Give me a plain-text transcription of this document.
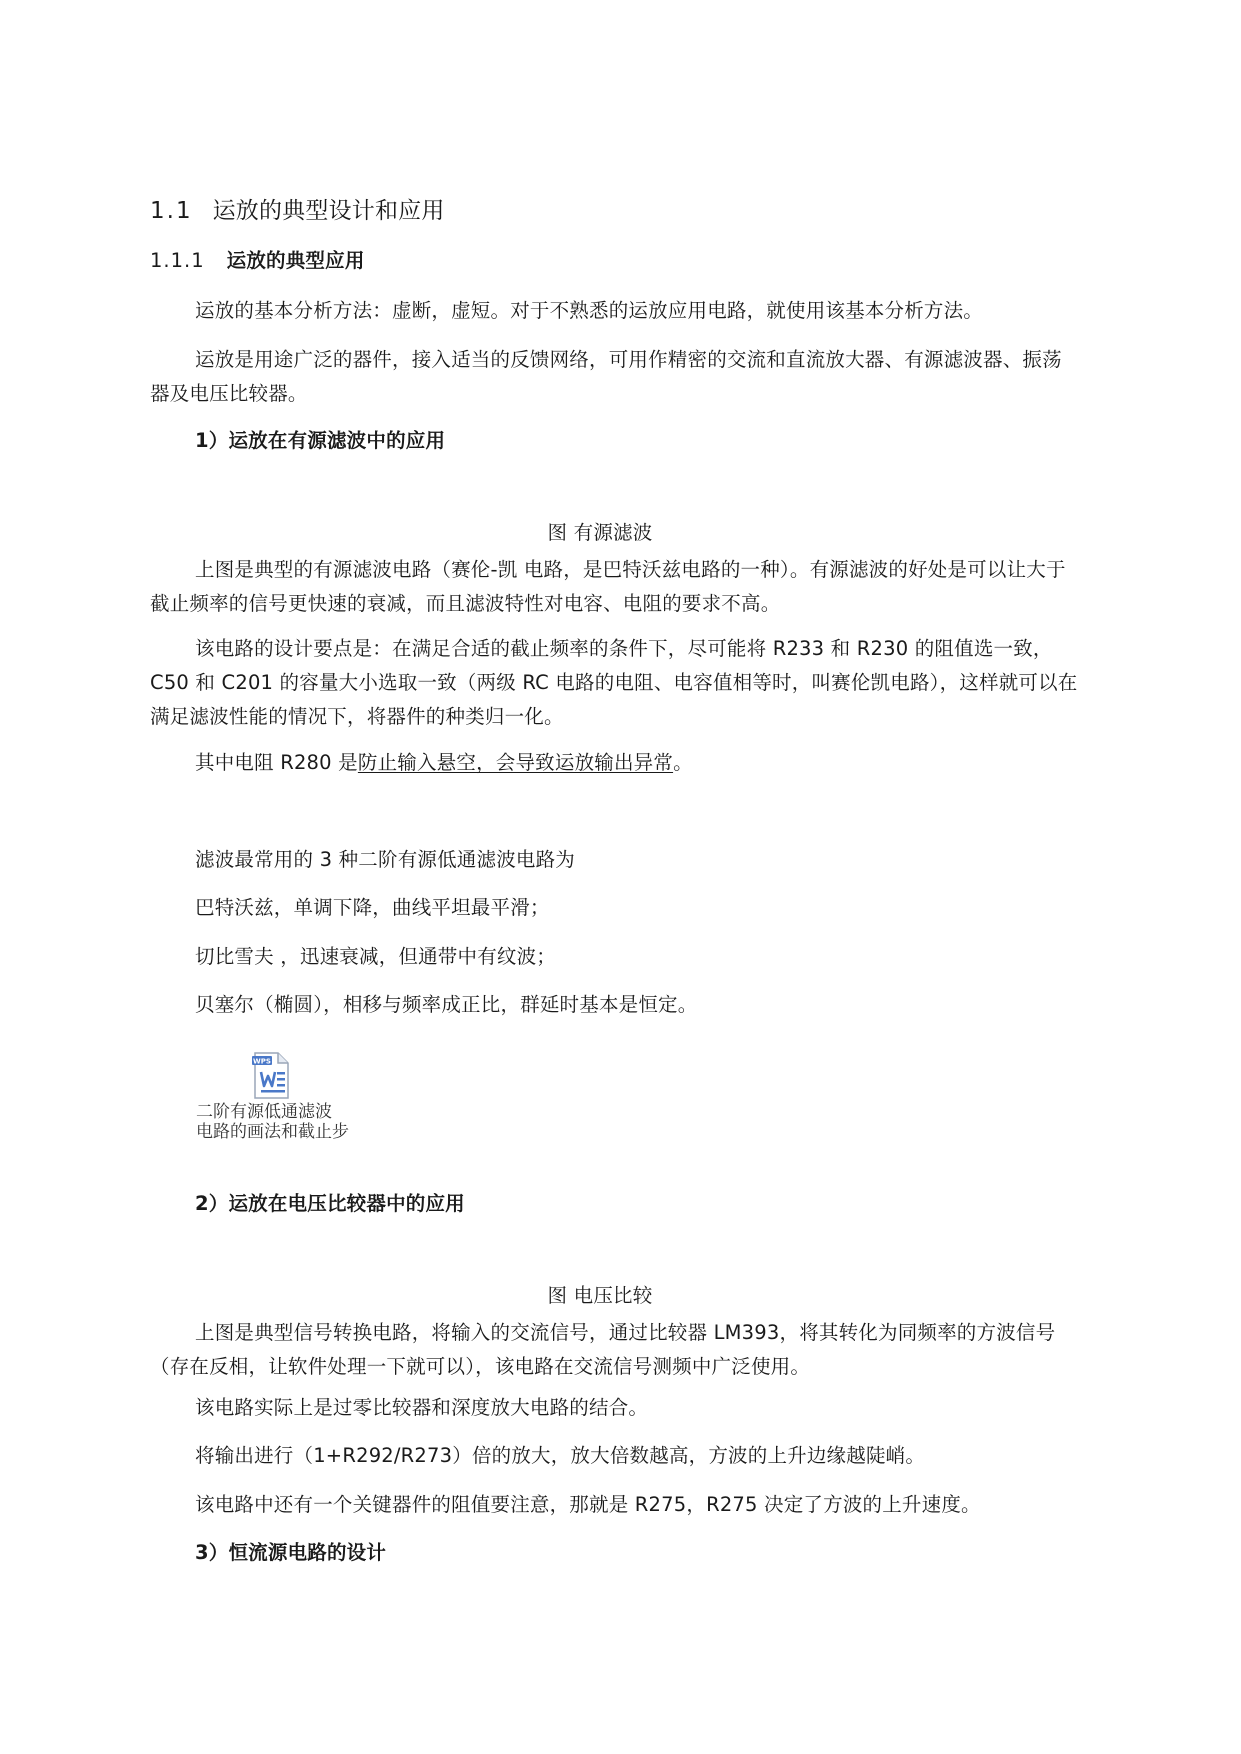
1.1 运放的典型设计和应用
1.1.1 运放的典型应用

运放的基本分析方法：虚断，虚短。对于不熟悉的运放应用电路，就使用该基本分析方法。

运放是用途广泛的器件，接入适当的反馈网络，可用作精密的交流和直流放大器、有源滤波器、振荡器及电压比较器。

1）运放在有源滤波中的应用
图 有源滤波

上图是典型的有源滤波电路（赛伦-凯 电路，是巴特沃兹电路的一种）。有源滤波的好处是可以让大于截止频率的信号更快速的衰减，而且滤波特性对电容、电阻的要求不高。

该电路的设计要点是：在满足合适的截止频率的条件下，尽可能将 R233 和 R230 的阻值选一致，C50 和 C201 的容量大小选取一致（两级 RC 电路的电阻、电容值相等时，叫赛伦凯电路），这样就可以在满足滤波性能的情况下，将器件的种类归一化。

其中电阻 R280 是防止输入悬空，会导致运放输出异常。
滤波最常用的 3 种二阶有源低通滤波电路为
巴特沃兹，单调下降，曲线平坦最平滑；
切比雪夫 ，迅速衰减，但通带中有纹波；
贝塞尔（椭圆），相移与频率成正比，群延时基本是恒定。
WPS
二阶有源低通滤波
电路的画法和截止步
2）运放在电压比较器中的应用
图 电压比较

上图是典型信号转换电路，将输入的交流信号，通过比较器 LM393，将其转化为同频率的方波信号（存在反相，让软件处理一下就可以），该电路在交流信号测频中广泛使用。

该电路实际上是过零比较器和深度放大电路的结合。
将输出进行（1+R292/R273）倍的放大，放大倍数越高，方波的上升边缘越陡峭。
该电路中还有一个关键器件的阻值要注意，那就是 R275，R275 决定了方波的上升速度。
3）恒流源电路的设计
